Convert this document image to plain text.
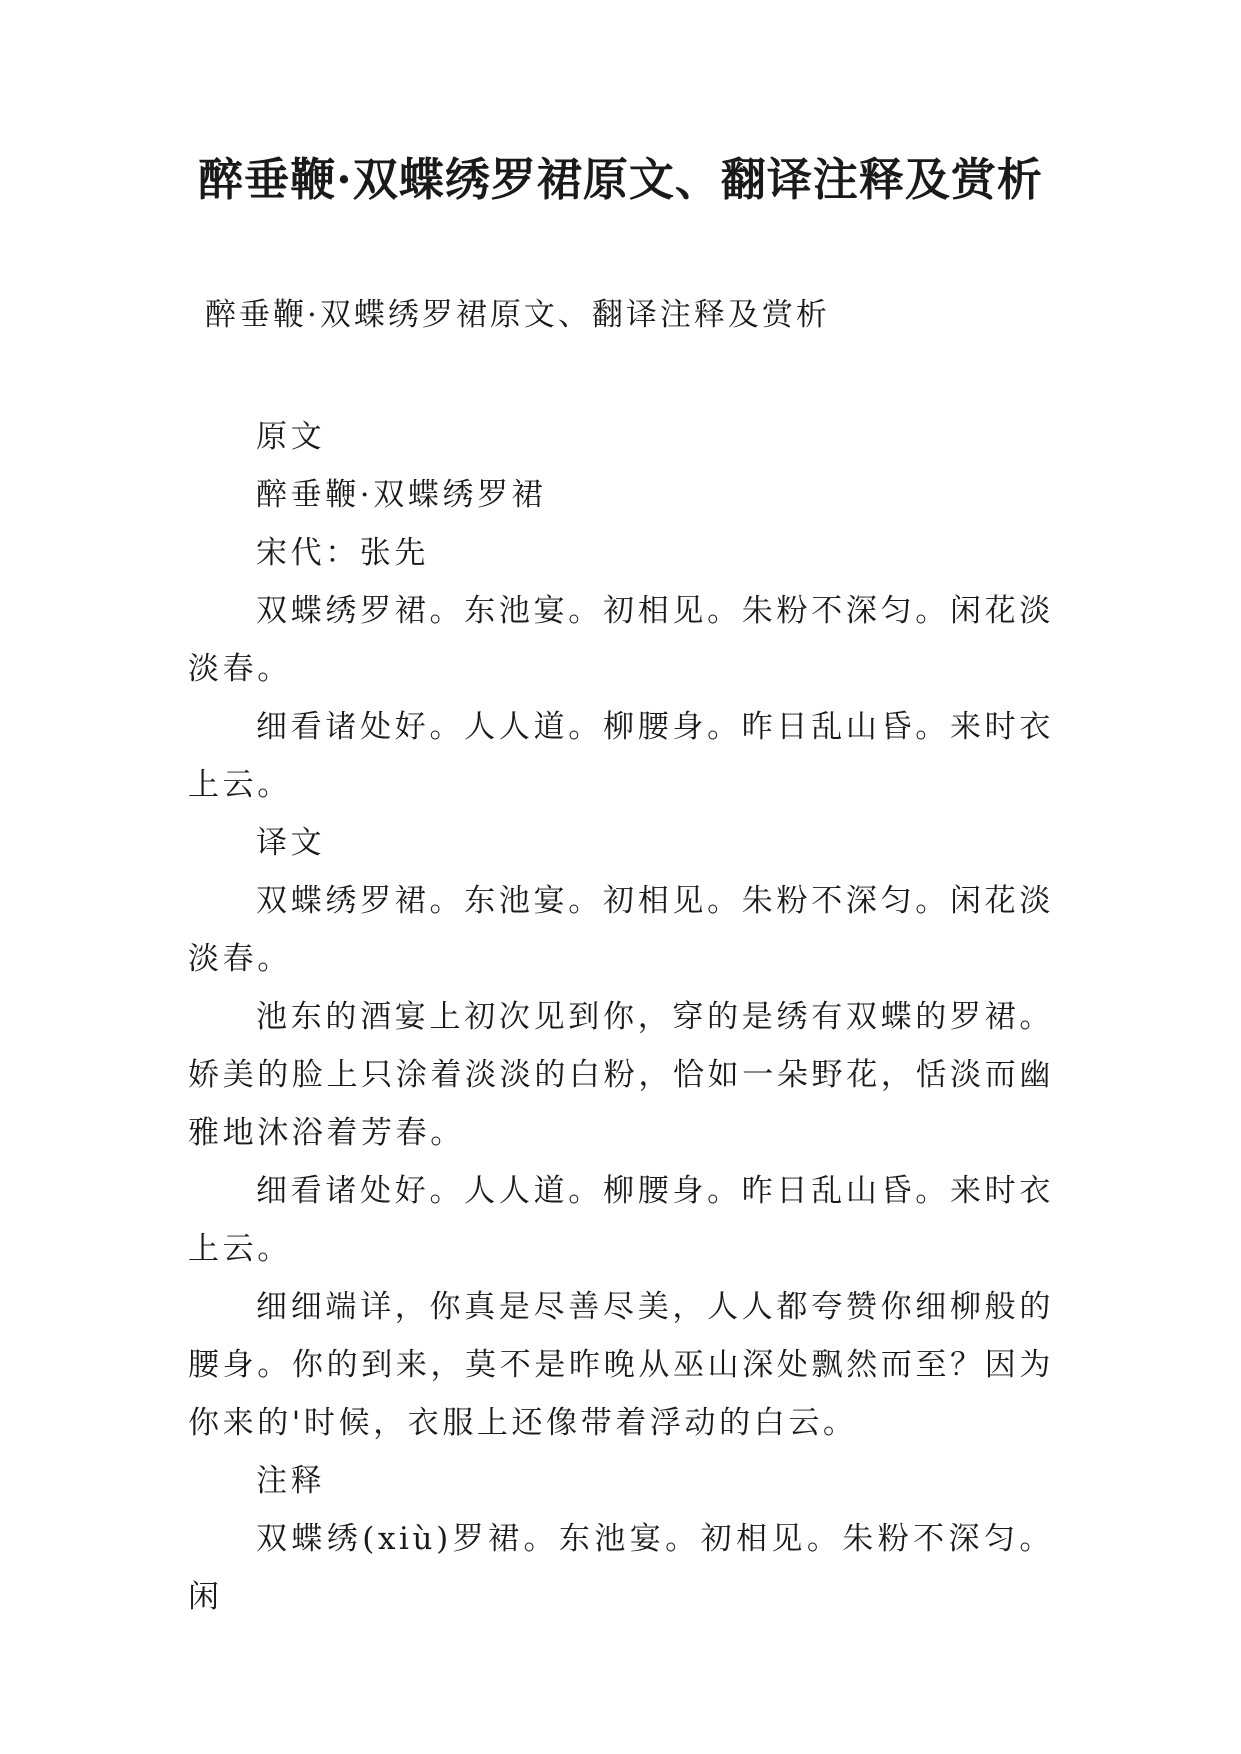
醉垂鞭·双蝶绣罗裙原文、翻译注释及赏析

醉垂鞭·双蝶绣罗裙原文、翻译注释及赏析

原文

醉垂鞭·双蝶绣罗裙

宋代：张先

双蝶绣罗裙。东池宴。初相见。朱粉不深匀。闲花淡淡春。

细看诸处好。人人道。柳腰身。昨日乱山昏。来时衣上云。

译文

双蝶绣罗裙。东池宴。初相见。朱粉不深匀。闲花淡淡春。

池东的酒宴上初次见到你，穿的是绣有双蝶的罗裙。娇美的脸上只涂着淡淡的白粉，恰如一朵野花，恬淡而幽雅地沐浴着芳春。

细看诸处好。人人道。柳腰身。昨日乱山昏。来时衣上云。

细细端详，你真是尽善尽美，人人都夸赞你细柳般的腰身。你的到来，莫不是昨晚从巫山深处飘然而至？因为你来的'时候，衣服上还像带着浮动的白云。

注释

双蝶绣(xiù)罗裙。东池宴。初相见。朱粉不深匀。闲
